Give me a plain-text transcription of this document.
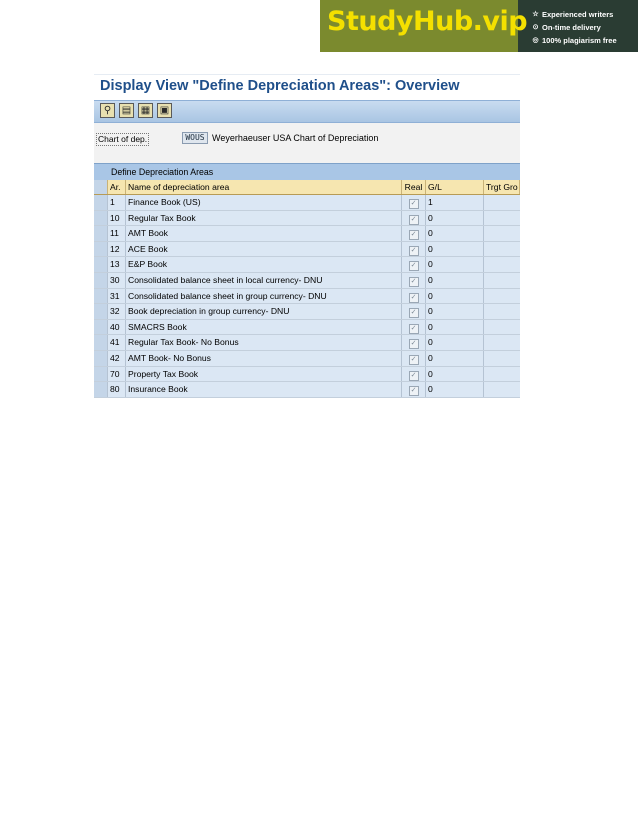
StudyHub.vip ☆ Experienced writers
⊙ On-time delivery
◎ 100% plagiarism free
Display View "Define Depreciation Areas": Overview
⚲	▤ ▦ ▣
Chart of dep.	WOUS Weyerhaeuser USA Chart of Depreciation
Define Depreciation Areas
Ar. Name of depreciation area	Real G/L	Trgt Gro
1	Finance Book (US)	✓	1
10 Regular Tax Book	✓	0
11	AMT Book	✓	0
12 ACE Book	✓	0
13 E&P Book	✓	0
30 Consolidated balance sheet in local currency- DNU	✓	0
31 Consolidated balance sheet in group currency- DNU	✓	0
32 Book depreciation in group currency- DNU	✓	0
40 SMACRS Book	✓	0
41 Regular Tax Book- No Bonus	✓	0
42 AMT Book- No Bonus	✓	0
70 Property Tax Book	✓	0
80 Insurance Book	✓	0
